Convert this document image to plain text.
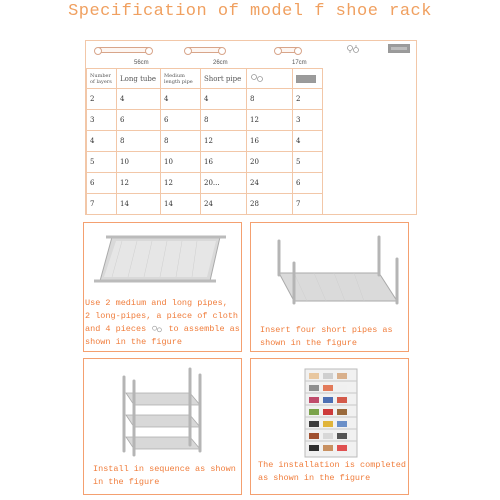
Specification of model f shoe rack
56cm	26cm	17cm
Number of layers	Long tube	Medium length pipe	Short pipe		

2	4	4	4	8	2
3	6	6	8	12	3
4	8	8	12	16	4
5	10	10	16	20	5
6	12	12	20...	24	6
7	14	14	24	28	7
Use 2 medium and long pipes,
2 long-pipes, a piece of cloth
and 4 pieces	to assemble as
shown in the figure
Insert four short pipes as
shown in the figure
Install in sequence as shown
in the figure
The installation is completed
as shown in the figure
